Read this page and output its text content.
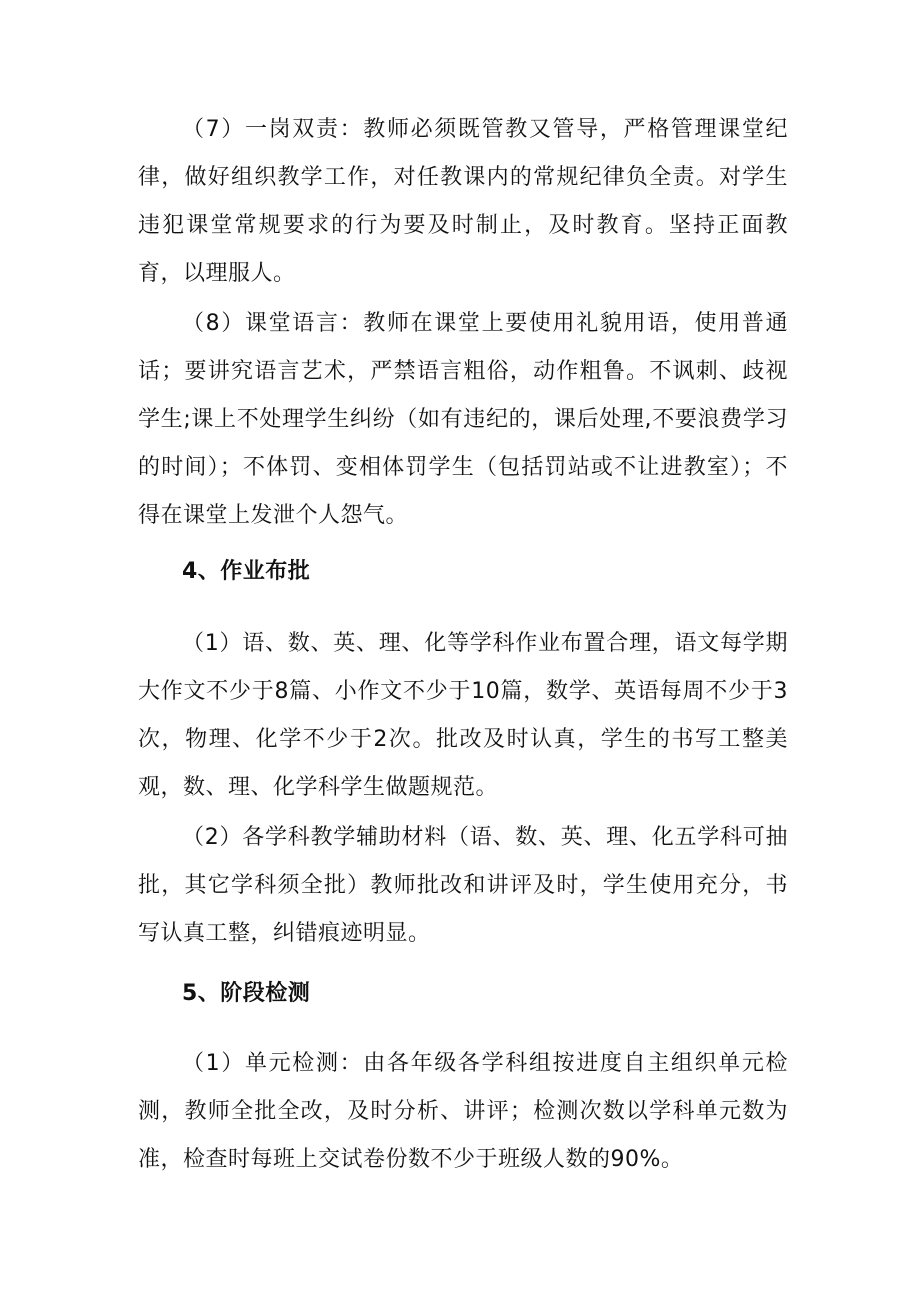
（7）一岗双责：教师必须既管教又管导，严格管理课堂纪律，做好组织教学工作，对任教课内的常规纪律负全责。对学生违犯课堂常规要求的行为要及时制止，及时教育。坚持正面教育，以理服人。

（8）课堂语言：教师在课堂上要使用礼貌用语，使用普通话；要讲究语言艺术，严禁语言粗俗，动作粗鲁。不讽刺、歧视学生;课上不处理学生纠纷（如有违纪的，课后处理,不要浪费学习的时间）；不体罚、变相体罚学生（包括罚站或不让进教室）；不得在课堂上发泄个人怨气。

4、作业布批

（1）语、数、英、理、化等学科作业布置合理，语文每学期大作文不少于8篇、小作文不少于10篇，数学、英语每周不少于3次，物理、化学不少于2次。批改及时认真，学生的书写工整美观，数、理、化学科学生做题规范。

（2）各学科教学辅助材料（语、数、英、理、化五学科可抽批，其它学科须全批）教师批改和讲评及时，学生使用充分，书写认真工整，纠错痕迹明显。

5、阶段检测

（1）单元检测：由各年级各学科组按进度自主组织单元检测，教师全批全改，及时分析、讲评；检测次数以学科单元数为准，检查时每班上交试卷份数不少于班级人数的90%。
